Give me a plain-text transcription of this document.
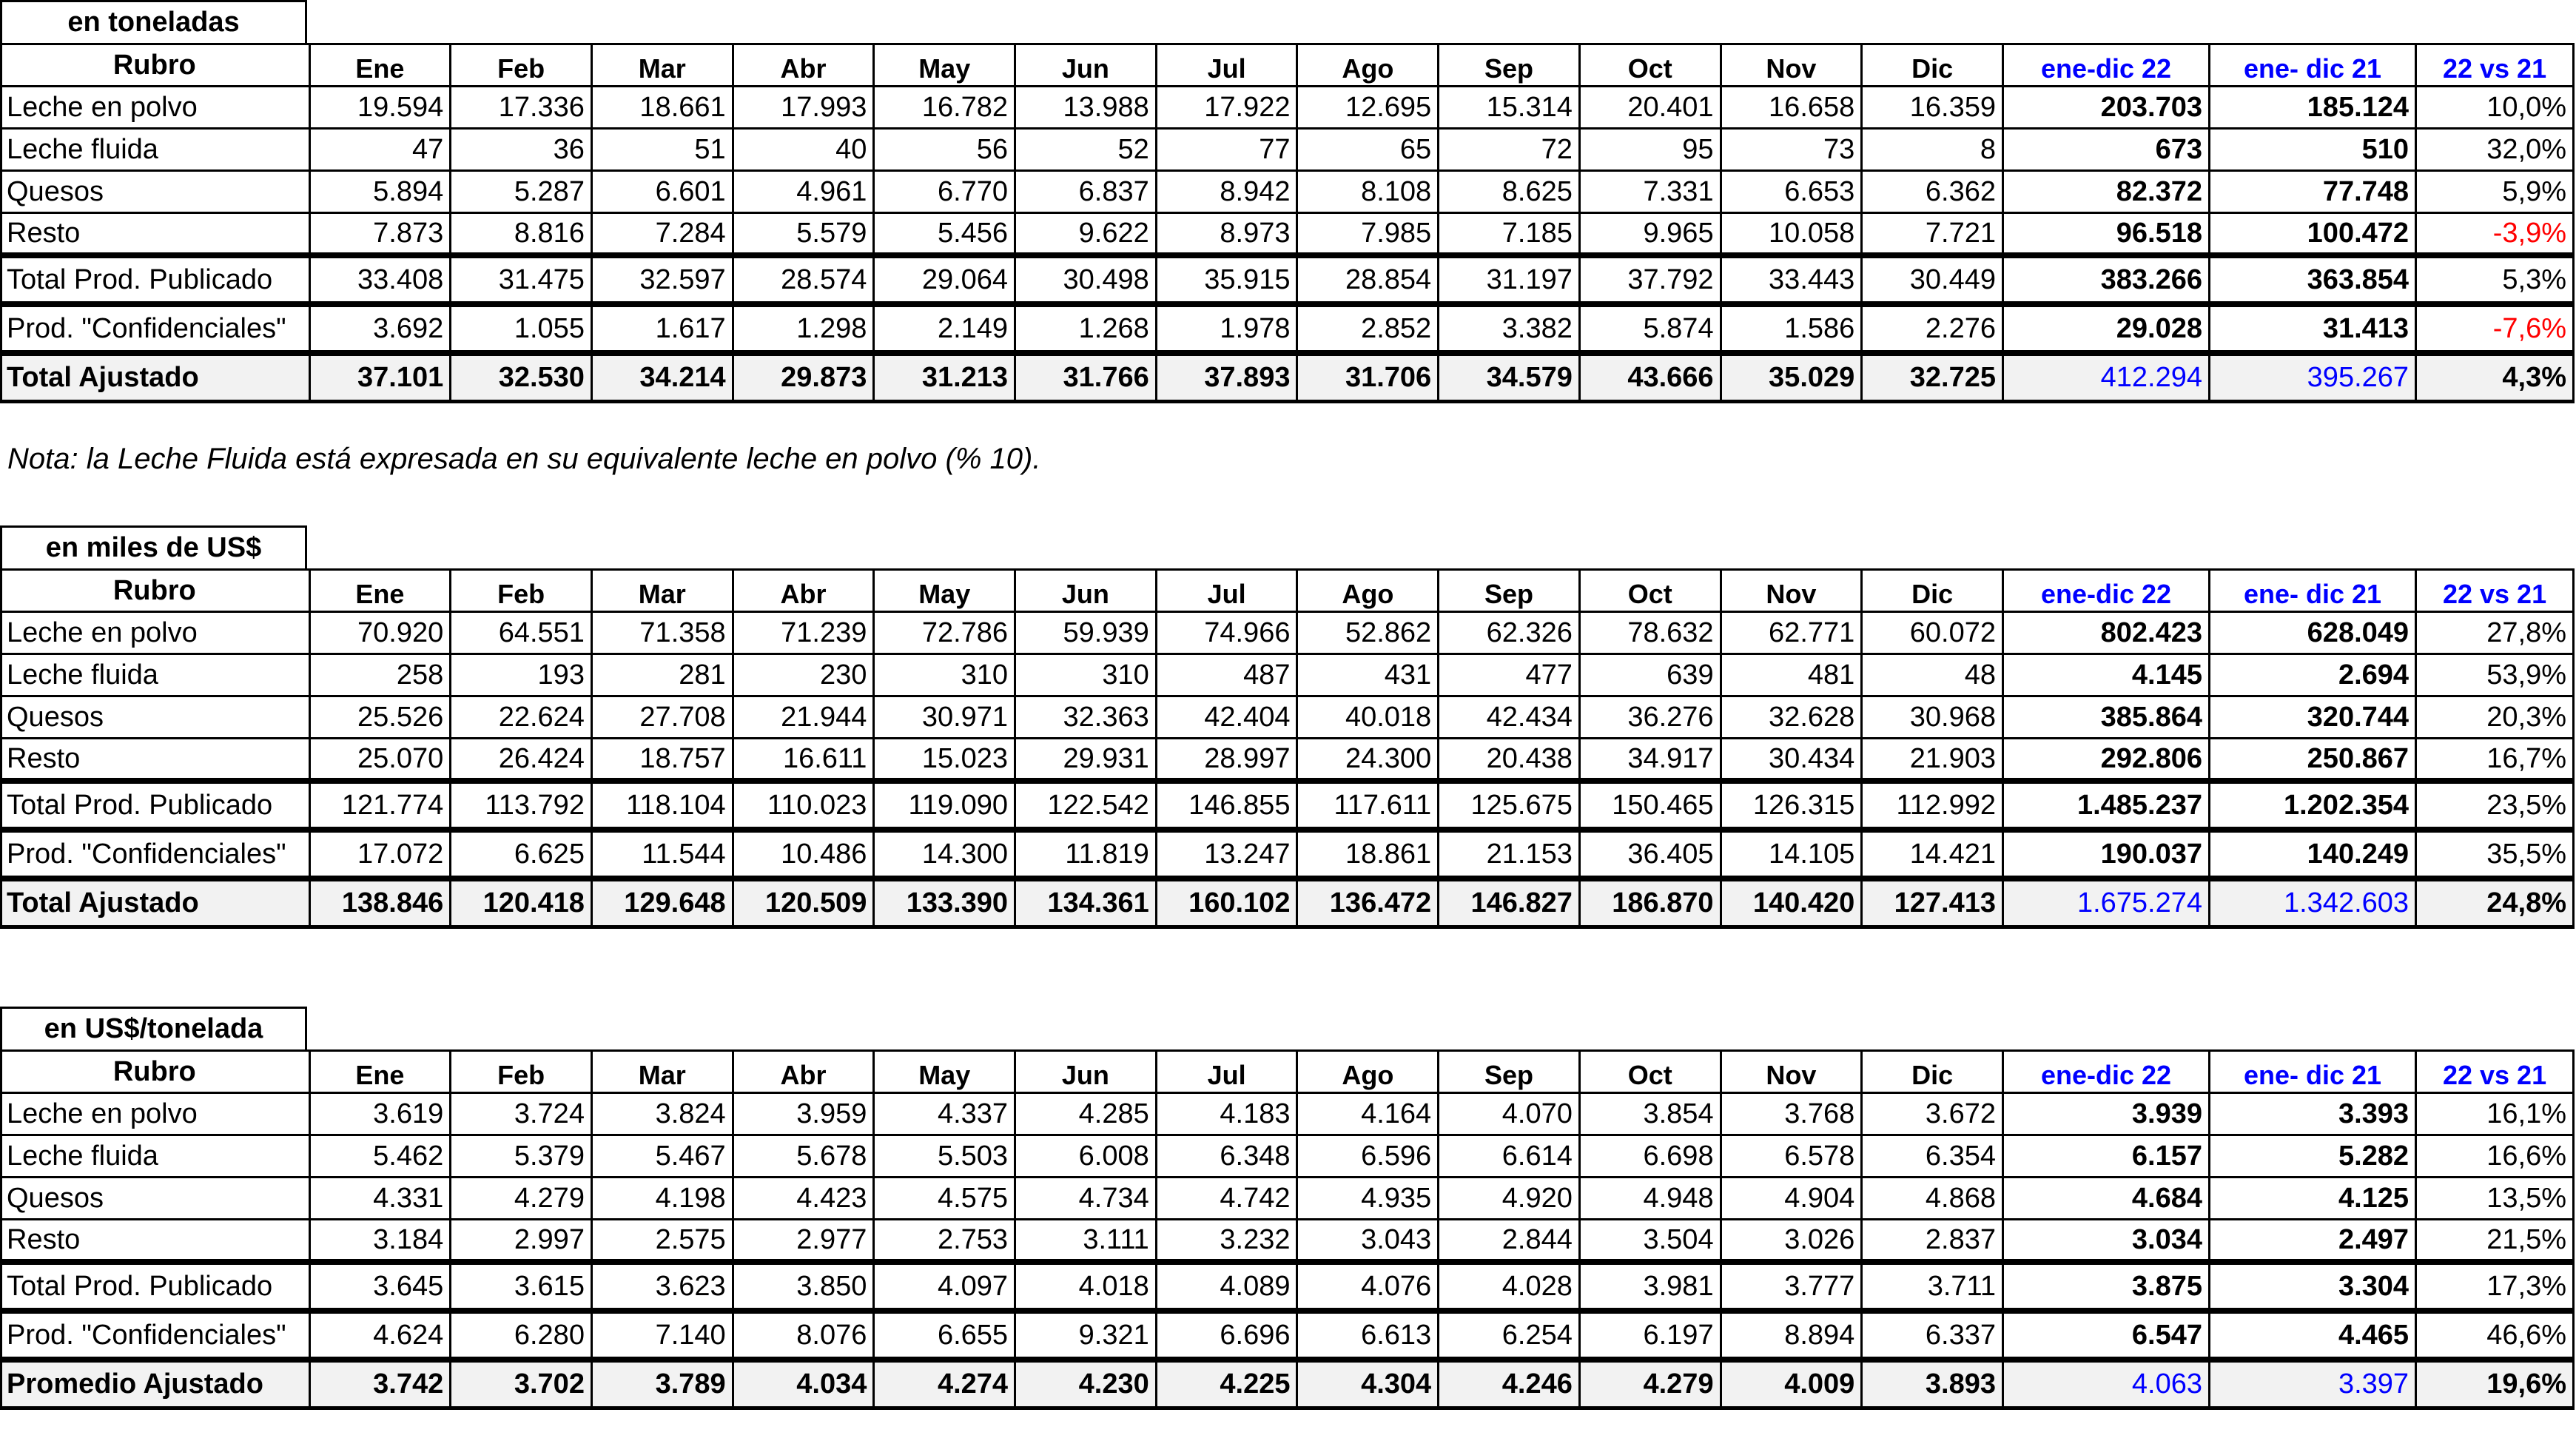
en toneladas
Rubro	Ene	Feb	Mar	Abr	May	Jun	Jul	Ago	Sep	Oct	Nov	Dic	ene-dic 22	ene- dic 21	22 vs 21
Leche en polvo	19.594	17.336	18.661	17.993	16.782	13.988	17.922	12.695	15.314	20.401	16.658	16.359	203.703	185.124	10,0%
Leche fluida	47	36	51	40	56	52	77	65	72	95	73	8	673	510	32,0%
Quesos	5.894	5.287	6.601	4.961	6.770	6.837	8.942	8.108	8.625	7.331	6.653	6.362	82.372	77.748	5,9%
Resto	7.873	8.816	7.284	5.579	5.456	9.622	8.973	7.985	7.185	9.965	10.058	7.721	96.518	100.472	-3,9%
Total Prod. Publicado	33.408	31.475	32.597	28.574	29.064	30.498	35.915	28.854	31.197	37.792	33.443	30.449	383.266	363.854	5,3%
Prod. "Confidenciales"	3.692	1.055	1.617	1.298	2.149	1.268	1.978	2.852	3.382	5.874	1.586	2.276	29.028	31.413	-7,6%
Total Ajustado	37.101	32.530	34.214	29.873	31.213	31.766	37.893	31.706	34.579	43.666	35.029	32.725	412.294	395.267	4,3%
Nota: la Leche Fluida está expresada en su equivalente leche en polvo (% 10).
en miles de US$
Rubro	Ene	Feb	Mar	Abr	May	Jun	Jul	Ago	Sep	Oct	Nov	Dic	ene-dic 22	ene- dic 21	22 vs 21
Leche en polvo	70.920	64.551	71.358	71.239	72.786	59.939	74.966	52.862	62.326	78.632	62.771	60.072	802.423	628.049	27,8%
Leche fluida	258	193	281	230	310	310	487	431	477	639	481	48	4.145	2.694	53,9%
Quesos	25.526	22.624	27.708	21.944	30.971	32.363	42.404	40.018	42.434	36.276	32.628	30.968	385.864	320.744	20,3%
Resto	25.070	26.424	18.757	16.611	15.023	29.931	28.997	24.300	20.438	34.917	30.434	21.903	292.806	250.867	16,7%
Total Prod. Publicado	121.774	113.792	118.104	110.023	119.090	122.542	146.855	117.611	125.675	150.465	126.315	112.992	1.485.237	1.202.354	23,5%
Prod. "Confidenciales"	17.072	6.625	11.544	10.486	14.300	11.819	13.247	18.861	21.153	36.405	14.105	14.421	190.037	140.249	35,5%
Total Ajustado	138.846	120.418	129.648	120.509	133.390	134.361	160.102	136.472	146.827	186.870	140.420	127.413	1.675.274	1.342.603	24,8%
en US$/tonelada
Rubro	Ene	Feb	Mar	Abr	May	Jun	Jul	Ago	Sep	Oct	Nov	Dic	ene-dic 22	ene- dic 21	22 vs 21
Leche en polvo	3.619	3.724	3.824	3.959	4.337	4.285	4.183	4.164	4.070	3.854	3.768	3.672	3.939	3.393	16,1%
Leche fluida	5.462	5.379	5.467	5.678	5.503	6.008	6.348	6.596	6.614	6.698	6.578	6.354	6.157	5.282	16,6%
Quesos	4.331	4.279	4.198	4.423	4.575	4.734	4.742	4.935	4.920	4.948	4.904	4.868	4.684	4.125	13,5%
Resto	3.184	2.997	2.575	2.977	2.753	3.111	3.232	3.043	2.844	3.504	3.026	2.837	3.034	2.497	21,5%
Total Prod. Publicado	3.645	3.615	3.623	3.850	4.097	4.018	4.089	4.076	4.028	3.981	3.777	3.711	3.875	3.304	17,3%
Prod. "Confidenciales"	4.624	6.280	7.140	8.076	6.655	9.321	6.696	6.613	6.254	6.197	8.894	6.337	6.547	4.465	46,6%
Promedio Ajustado	3.742	3.702	3.789	4.034	4.274	4.230	4.225	4.304	4.246	4.279	4.009	3.893	4.063	3.397	19,6%
